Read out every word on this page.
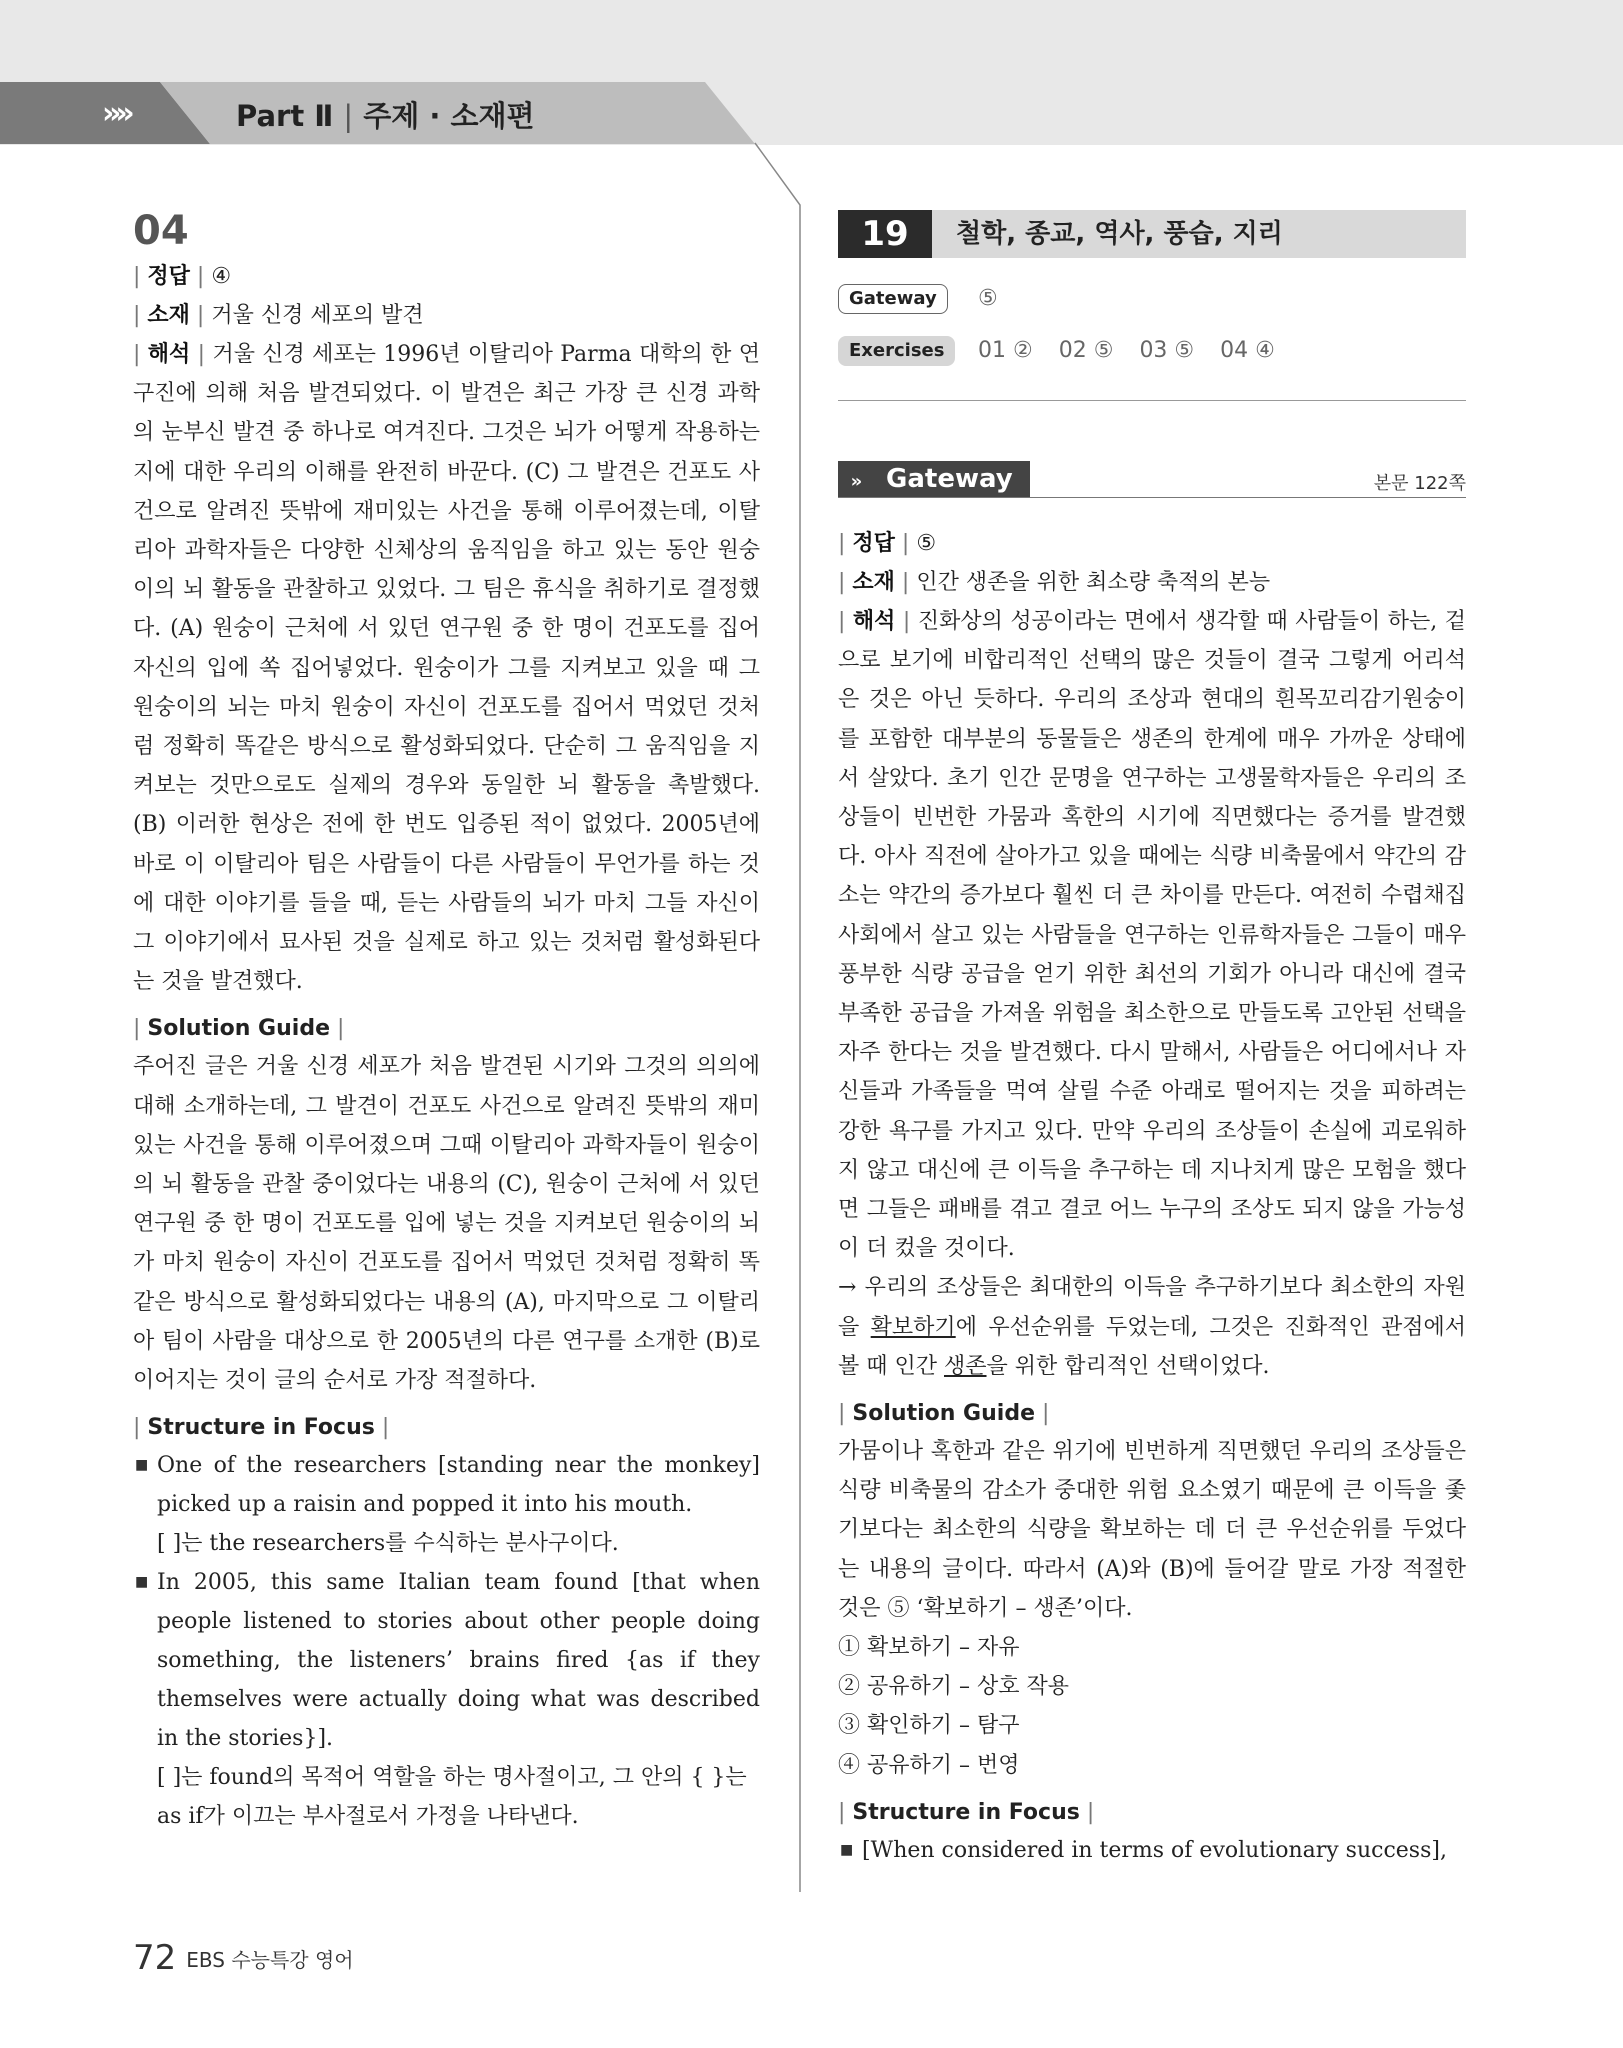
»»	Part Ⅱ | 주제 · 소재편
04
| 정답 | ④
| 소재 | 거울 신경 세포의 발견
| 해석 | 거울 신경 세포는 1996년 이탈리아 Parma 대학의 한 연구진에 의해 처음 발견되었다. 이 발견은 최근 가장 큰 신경 과학의 눈부신 발견 중 하나로 여겨진다. 그것은 뇌가 어떻게 작용하는지에 대한 우리의 이해를 완전히 바꾼다. (C) 그 발견은 건포도 사건으로 알려진 뜻밖에 재미있는 사건을 통해 이루어졌는데, 이탈리아 과학자들은 다양한 신체상의 움직임을 하고 있는 동안 원숭이의 뇌 활동을 관찰하고 있었다. 그 팀은 휴식을 취하기로 결정했다. (A) 원숭이 근처에 서 있던 연구원 중 한 명이 건포도를 집어 자신의 입에 쏙 집어넣었다. 원숭이가 그를 지켜보고 있을 때 그 원숭이의 뇌는 마치 원숭이 자신이 건포도를 집어서 먹었던 것처럼 정확히 똑같은 방식으로 활성화되었다. 단순히 그 움직임을 지켜보는 것만으로도 실제의 경우와 동일한 뇌 활동을 촉발했다. (B) 이러한 현상은 전에 한 번도 입증된 적이 없었다. 2005년에 바로 이 이탈리아 팀은 사람들이 다른 사람들이 무언가를 하는 것에 대한 이야기를 들을 때, 듣는 사람들의 뇌가 마치 그들 자신이 그 이야기에서 묘사된 것을 실제로 하고 있는 것처럼 활성화된다는 것을 발견했다.
| Solution Guide |
주어진 글은 거울 신경 세포가 처음 발견된 시기와 그것의 의의에 대해 소개하는데, 그 발견이 건포도 사건으로 알려진 뜻밖의 재미있는 사건을 통해 이루어졌으며 그때 이탈리아 과학자들이 원숭이의 뇌 활동을 관찰 중이었다는 내용의 (C), 원숭이 근처에 서 있던 연구원 중 한 명이 건포도를 입에 넣는 것을 지켜보던 원숭이의 뇌가 마치 원숭이 자신이 건포도를 집어서 먹었던 것처럼 정확히 똑같은 방식으로 활성화되었다는 내용의 (A), 마지막으로 그 이탈리아 팀이 사람을 대상으로 한 2005년의 다른 연구를 소개한 (B)로 이어지는 것이 글의 순서로 가장 적절하다.
| Structure in Focus |
■ One of the researchers [standing near the monkey] picked up a raisin and popped it into his mouth.
[ ]는 the researchers를 수식하는 분사구이다.
■ In 2005, this same Italian team found [that when people listened to stories about other people doing something, the listeners’ brains fired {as if they themselves were actually doing what was described in the stories}].
[ ]는 found의 목적어 역할을 하는 명사절이고, 그 안의 { }는 as if가 이끄는 부사절로서 가정을 나타낸다.
19	철학, 종교, 역사, 풍습, 지리
Gateway ⑤
Exercises 01 ② 02 ⑤ 03 ⑤ 04 ④
» Gateway	본문 122쪽
| 정답 | ⑤
| 소재 | 인간 생존을 위한 최소량 축적의 본능
| 해석 | 진화상의 성공이라는 면에서 생각할 때 사람들이 하는, 겉으로 보기에 비합리적인 선택의 많은 것들이 결국 그렇게 어리석은 것은 아닌 듯하다. 우리의 조상과 현대의 흰목꼬리감기원숭이를 포함한 대부분의 동물들은 생존의 한계에 매우 가까운 상태에서 살았다. 초기 인간 문명을 연구하는 고생물학자들은 우리의 조상들이 빈번한 가뭄과 혹한의 시기에 직면했다는 증거를 발견했다. 아사 직전에 살아가고 있을 때에는 식량 비축물에서 약간의 감소는 약간의 증가보다 훨씬 더 큰 차이를 만든다. 여전히 수렵채집 사회에서 살고 있는 사람들을 연구하는 인류학자들은 그들이 매우 풍부한 식량 공급을 얻기 위한 최선의 기회가 아니라 대신에 결국 부족한 공급을 가져올 위험을 최소한으로 만들도록 고안된 선택을 자주 한다는 것을 발견했다. 다시 말해서, 사람들은 어디에서나 자신들과 가족들을 먹여 살릴 수준 아래로 떨어지는 것을 피하려는 강한 욕구를 가지고 있다. 만약 우리의 조상들이 손실에 괴로워하지 않고 대신에 큰 이득을 추구하는 데 지나치게 많은 모험을 했다면 그들은 패배를 겪고 결코 어느 누구의 조상도 되지 않을 가능성이 더 컸을 것이다.
→ 우리의 조상들은 최대한의 이득을 추구하기보다 최소한의 자원을 확보하기에 우선순위를 두었는데, 그것은 진화적인 관점에서 볼 때 인간 생존을 위한 합리적인 선택이었다.
| Solution Guide |
가뭄이나 혹한과 같은 위기에 빈번하게 직면했던 우리의 조상들은 식량 비축물의 감소가 중대한 위험 요소였기 때문에 큰 이득을 좇기보다는 최소한의 식량을 확보하는 데 더 큰 우선순위를 두었다는 내용의 글이다. 따라서 (A)와 (B)에 들어갈 말로 가장 적절한 것은 ⑤ ‘확보하기 – 생존’이다.
① 확보하기 – 자유
② 공유하기 – 상호 작용
③ 확인하기 – 탐구
④ 공유하기 – 번영
| Structure in Focus |
■ [When considered in terms of evolutionary success],
72 EBS 수능특강 영어
